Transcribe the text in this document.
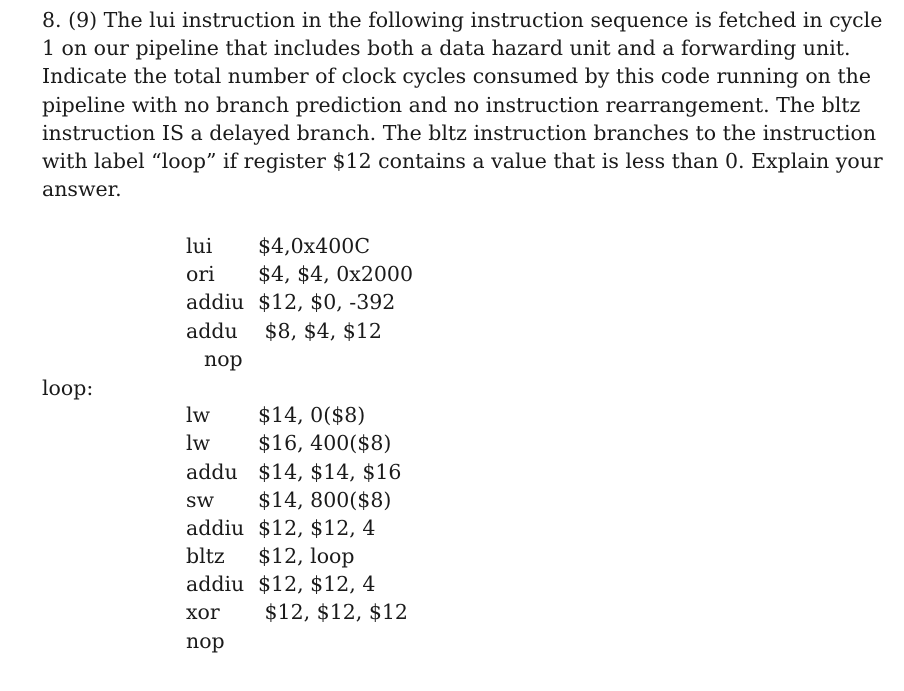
8. (9) The lui instruction in the following instruction sequence is fetched in cycle 1 on our pipeline that includes both a data hazard unit and a forwarding unit. Indicate the total number of clock cycles consumed by this code running on the pipeline with no branch prediction and no instruction rearrangement. The bltz instruction IS a delayed branch. The bltz instruction branches to the instruction with label “loop” if register $12 contains a value that is less than 0. Explain your answer.

loop:
lui	$4,0x400C
ori	$4, $4, 0x2000
addiu $12, $0, -392
addu $8, $4, $12
nop
lw	$14, 0($8)
lw	$16, 400($8)
addu $14, $14, $16
sw	$14, 800($8)
addiu $12, $12, 4
bltz	$12, loop
addiu $12, $12, 4
xor	$12, $12, $12
nop
